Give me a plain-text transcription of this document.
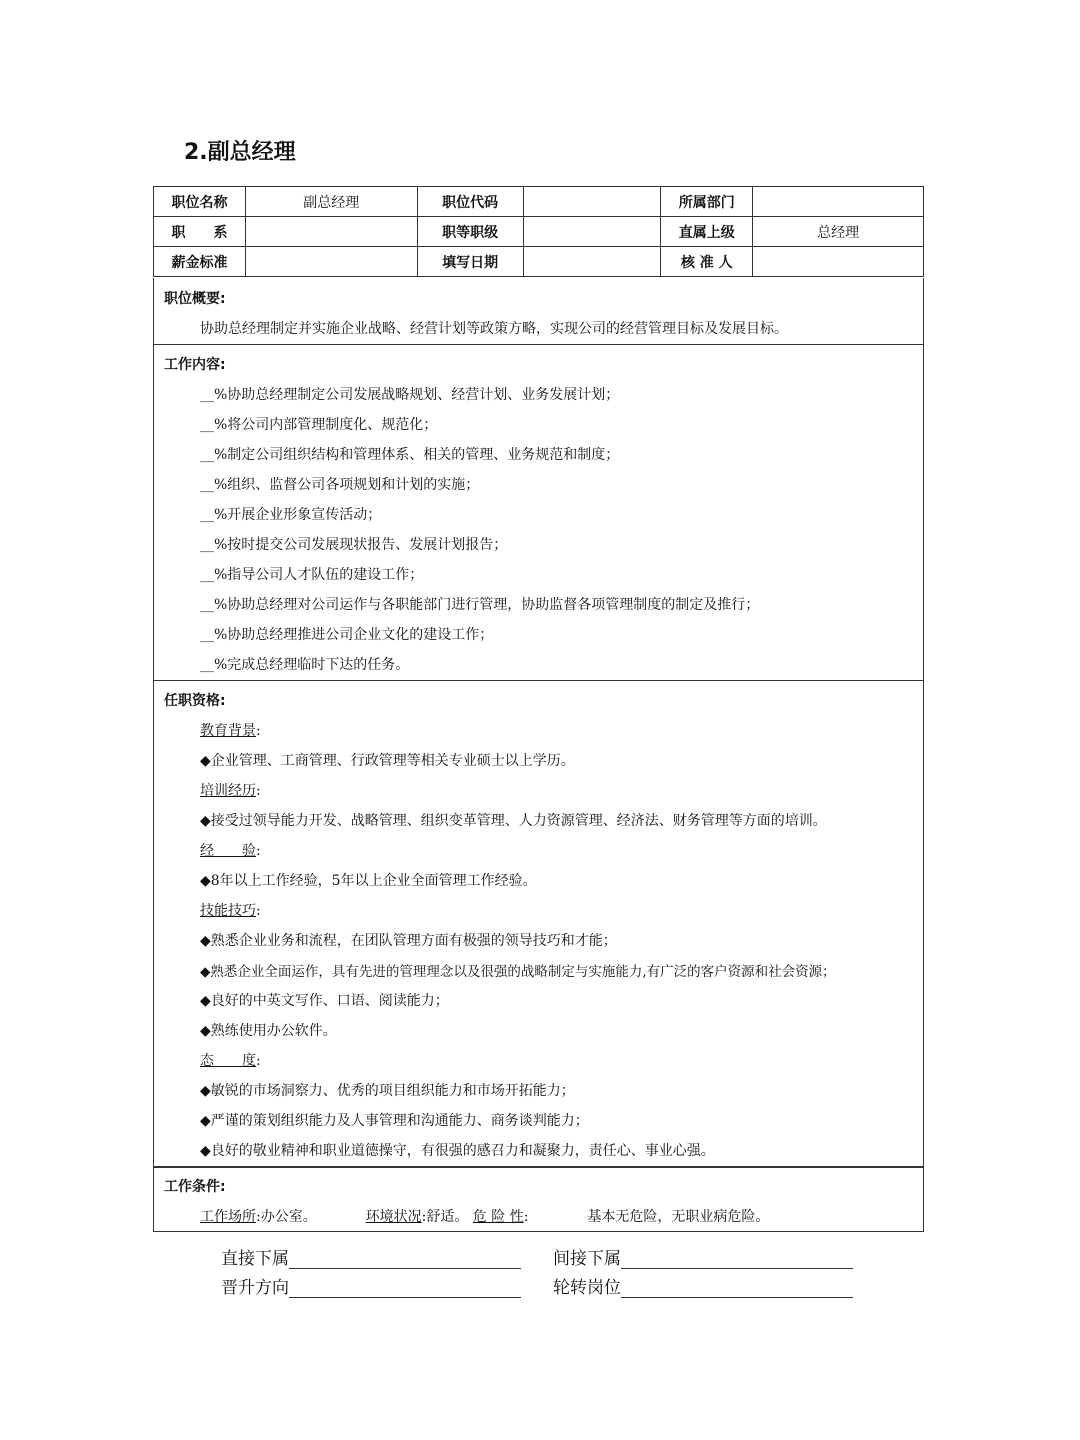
2.副总经理
职位名称	副总经理	职位代码		所属部门	
职　　系		职等职级		直属上级	总经理
薪金标准		填写日期		核 准 人	
职位概要:
协助总经理制定并实施企业战略、经营计划等政策方略，实现公司的经营管理目标及发展目标。
工作内容:
__%协助总经理制定公司发展战略规划、经营计划、业务发展计划；
__%将公司内部管理制度化、规范化；
__%制定公司组织结构和管理体系、相关的管理、业务规范和制度；
__%组织、监督公司各项规划和计划的实施；
__%开展企业形象宣传活动；
__%按时提交公司发展现状报告、发展计划报告；
__%指导公司人才队伍的建设工作；
__%协助总经理对公司运作与各职能部门进行管理，协助监督各项管理制度的制定及推行；
__%协助总经理推进公司企业文化的建设工作；
__%完成总经理临时下达的任务。
任职资格:
教育背景:
◆企业管理、工商管理、行政管理等相关专业硕士以上学历。
培训经历:
◆接受过领导能力开发、战略管理、组织变革管理、人力资源管理、经济法、财务管理等方面的培训。
经　　验:
◆8年以上工作经验，5年以上企业全面管理工作经验。
技能技巧:
◆熟悉企业业务和流程，在团队管理方面有极强的领导技巧和才能；
◆熟悉企业全面运作，具有先进的管理理念以及很强的战略制定与实施能力,有广泛的客户资源和社会资源；
◆良好的中英文写作、口语、阅读能力；
◆熟练使用办公软件。
态　　度:
◆敏锐的市场洞察力、优秀的项目组织能力和市场开拓能力；
◆严谨的策划组织能力及人事管理和沟通能力、商务谈判能力；
◆良好的敬业精神和职业道德操守，有很强的感召力和凝聚力，责任心、事业心强。
工作条件:
工作场所:办公室。	环境状况:舒适。 危 险 性:	基本无危险，无职业病危险。
直接下属	间接下属
晋升方向	轮转岗位
